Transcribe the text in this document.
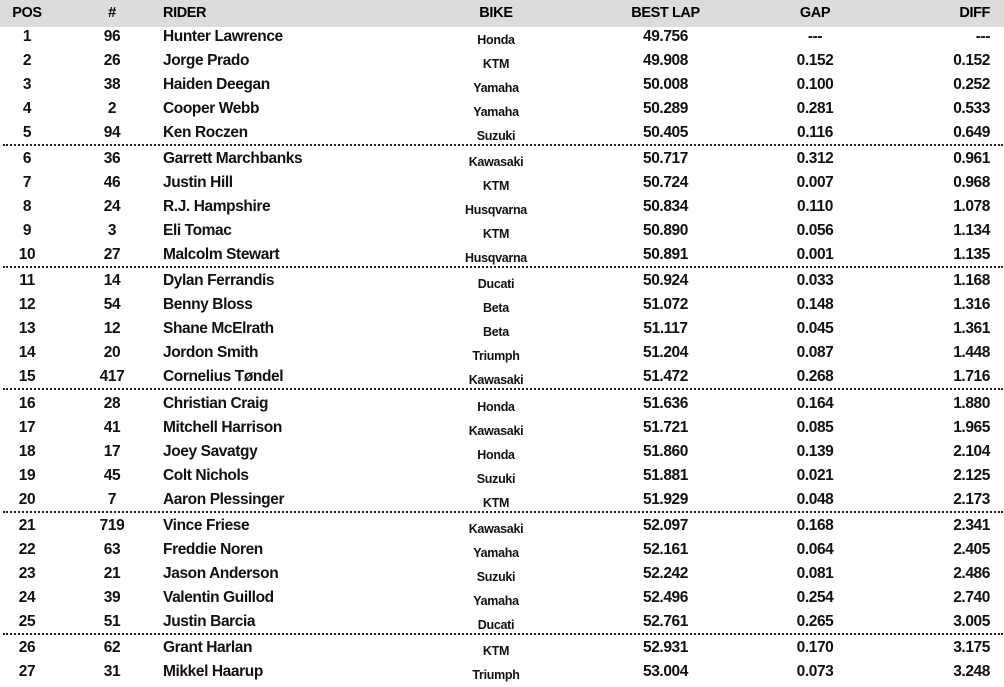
POS	#	RIDER	BIKE	BEST LAP	GAP	DIFF
1	96	Hunter Lawrence	Honda	49.756	---	---
2	26	Jorge Prado	KTM	49.908	0.152	0.152
3	38	Haiden Deegan	Yamaha	50.008	0.100	0.252
4	2	Cooper Webb	Yamaha	50.289	0.281	0.533
5	94	Ken Roczen	Suzuki	50.405	0.116	0.649
6	36	Garrett Marchbanks	Kawasaki	50.717	0.312	0.961
7	46	Justin Hill	KTM	50.724	0.007	0.968
8	24	R.J. Hampshire	Husqvarna	50.834	0.110	1.078
9	3	Eli Tomac	KTM	50.890	0.056	1.134
10	27	Malcolm Stewart	Husqvarna	50.891	0.001	1.135
11	14	Dylan Ferrandis	Ducati	50.924	0.033	1.168
12	54	Benny Bloss	Beta	51.072	0.148	1.316
13	12	Shane McElrath	Beta	51.117	0.045	1.361
14	20	Jordon Smith	Triumph	51.204	0.087	1.448
15	417	Cornelius Tøndel	Kawasaki	51.472	0.268	1.716
16	28	Christian Craig	Honda	51.636	0.164	1.880
17	41	Mitchell Harrison	Kawasaki	51.721	0.085	1.965
18	17	Joey Savatgy	Honda	51.860	0.139	2.104
19	45	Colt Nichols	Suzuki	51.881	0.021	2.125
20	7	Aaron Plessinger	KTM	51.929	0.048	2.173
21	719	Vince Friese	Kawasaki	52.097	0.168	2.341
22	63	Freddie Noren	Yamaha	52.161	0.064	2.405
23	21	Jason Anderson	Suzuki	52.242	0.081	2.486
24	39	Valentin Guillod	Yamaha	52.496	0.254	2.740
25	51	Justin Barcia	Ducati	52.761	0.265	3.005
26	62	Grant Harlan	KTM	52.931	0.170	3.175
27	31	Mikkel Haarup	Triumph	53.004	0.073	3.248
